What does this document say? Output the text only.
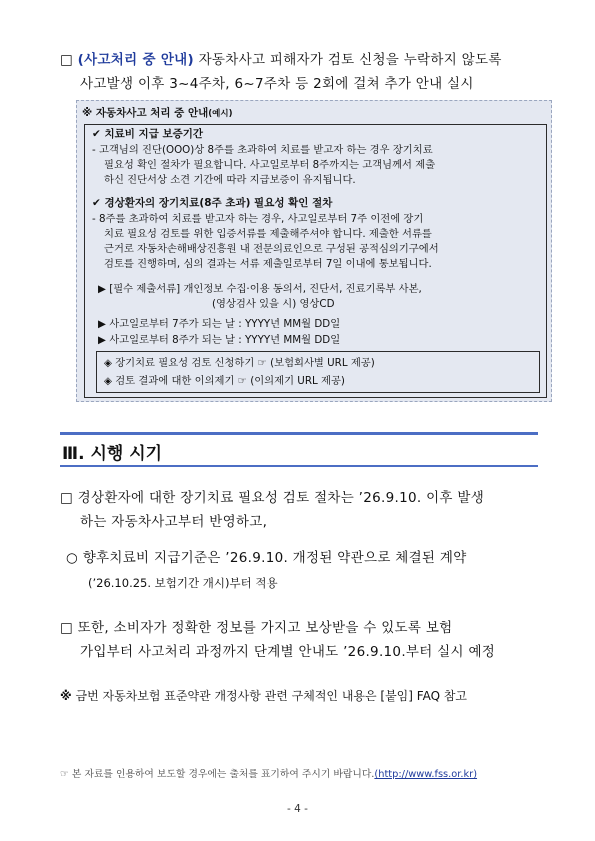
□ (사고처리 중 안내) 자동차사고 피해자가 검토 신청을 누락하지 않도록
사고발생 이후 3~4주차, 6~7주차 등 2회에 걸쳐 추가 안내 실시
※ 자동차사고 처리 중 안내(예시)
✔ 치료비 지급 보증기간
- 고객님의 진단(OOO)상 8주를 초과하여 치료를 받고자 하는 경우 장기치료
필요성 확인 절차가 필요합니다. 사고일로부터 8주까지는 고객님께서 제출
하신 진단서상 소견 기간에 따라 지급보증이 유지됩니다.
✔ 경상환자의 장기치료(8주 초과) 필요성 확인 절차
- 8주를 초과하여 치료를 받고자 하는 경우, 사고일로부터 7주 이전에 장기
치료 필요성 검토를 위한 입증서류를 제출해주셔야 합니다. 제출한 서류를
근거로 자동차손해배상진흥원 내 전문의료인으로 구성된 공적심의기구에서
검토를 진행하며, 심의 결과는 서류 제출일로부터 7일 이내에 통보됩니다.
▶ [필수 제출서류] 개인정보 수집·이용 동의서, 진단서, 진료기록부 사본,
(영상검사 있을 시) 영상CD
▶ 사고일로부터 7주가 되는 날 : YYYY년 MM월 DD일
▶ 사고일로부터 8주가 되는 날 : YYYY년 MM월 DD일
◈ 장기치료 필요성 검토 신청하기 ☞ (보험회사별 URL 제공)
◈ 검토 결과에 대한 이의제기 ☞ (이의제기 URL 제공)
Ⅲ. 시행 시기
□ 경상환자에 대한 장기치료 필요성 검토 절차는 ’26.9.10. 이후 발생
하는 자동차사고부터 반영하고,
○ 향후치료비 지급기준은 ’26.9.10. 개정된 약관으로 체결된 계약
(’26.10.25. 보험기간 개시)부터 적용
□ 또한, 소비자가 정확한 정보를 가지고 보상받을 수 있도록 보험
가입부터 사고처리 과정까지 단계별 안내도 ’26.9.10.부터 실시 예정
※ 금번 자동차보험 표준약관 개정사항 관련 구체적인 내용은 [붙임] FAQ 참고
☞ 본 자료를 인용하여 보도할 경우에는 출처를 표기하여 주시기 바랍니다.(http://www.fss.or.kr)
- 4 -
